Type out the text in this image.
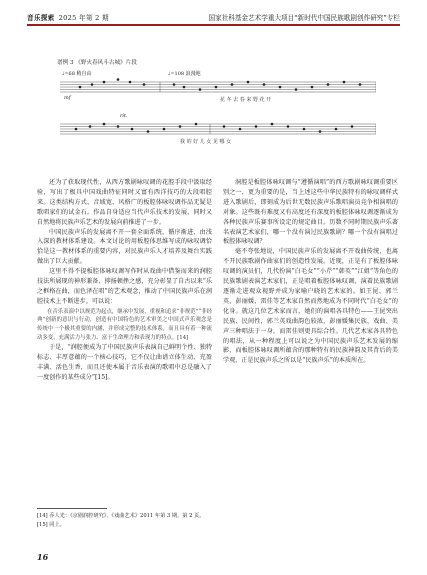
音乐探索 2025 年第 2 期	国家社科基金艺术学重大项目“新时代中国民族歌剧创作研究”专栏
谱例 3 《野火春风斗古城》片段
♩=68 稍自由	♩=108 浪漫地
mf
rit.
花 冬 去 春 来 野 花 开
我 的 好 儿 女 见 哪 女

还为了获取现代性，从西方歌剧咏叹调的花腔手段中汲取经验，写出了极具中国戏曲特征同时又富有西洋技巧的大段唱腔来。这类结构方式、音域宽、风格广的板腔体咏叹调作品无疑是歌唱家们的试金石。作品自身适应当代声乐技术的发展，同时又自然地将民族声乐艺术的发展向前推进了一步。

中国民族声乐的发展离不开一套全面系统、循序渐进、由浅入深的教材体系建设。本文讨论的用板腔体思维写成的咏叹调恰恰是这一教材体系的重要内容，对民族声乐人才培养及舞台实践做出了巨大贡献。

这里不得不提板腔体咏叹调写作时从戏曲中借鉴而来的润腔技法所展现的神形兼备、抑扬顿挫之感，充分彰显了自古以来“乐之框格在曲，而色泽在唱”的艺术观念，推动了中国民族声乐在润腔技术上不断进步。可以说：

在音乐表演中以规范为起点，继承中发展，重视和追求“非规范”“非经典”创新的意识与行动，创造有中国特色的艺术审美之中国式声乐观念是传统中一个极其重要的内涵，并形成完整的技术体系，而且具有着一种流动多变、充满活力与张力、富于生命理力和表现力的特点。[14]

于是，“润腔便成为了中国民族声乐表演自己鲜明个性、独特标志、丰厚意蕴的一个核心技巧，它不仅让曲谱立体生动、充盈丰满、活色生香，而且还使本属于音乐表演的歌唱中总是融入了一度创作的某些成分”[15]。

洞腔是板腔体咏叹调与“遵循演唱”的西方歌剧咏叹调重要区别之一，更为重要的是，当上述这些中华民族特有的咏叹调样式进入歌剧后，即刻成为后世无数民族声乐歌唱演员竞争相演唱的对象。这些既有难度又有高度还有深度的板腔体咏叹调逐渐成为各种民族声乐赛事所设定的规定曲目。历数不同时期民族声乐著名表演艺术家们，哪一个没有演过民族歌剧？哪一个没有演唱过板腔体咏叹调？

毫不夸张地说，中国民族声乐的发展离不开戏曲传统，也离不开民族歌剧作曲家们的创造性发展。近现，正是有了板腔体咏叹调的演员们，几代扮演“白毛女”“小芹”“韩英”“江姐”等角色的民族歌剧表演艺术家们，正是唱着板腔体咏叹调、演着民族歌剧逐渐走进观众视野并成为家喻户晓的艺术家的。如王昆、郭兰英、彭丽媛、雷佳等艺术家自然而然地成为不同时代“白毛女”的化身。就这几位艺术家而言，她们的演唱各具特色——王昆突出民族、民间性，郭兰英戏曲韵色较浓，彭丽媛集民族、戏曲、美声三种唱法于一身，而雷佳则更具综合性。几代艺术家各具特色的唱法，从一种程度上可以说之为中国民族声乐艺术发展的缩影，而板腔体咏叹调所蕴含的那种特有的民族神韵及其背后的美学观，正是民族声乐之所以是“民族声乐”的本质所在。

[14] 乔人光：《京剧润腔研究》，《戏曲艺术》2011 年第 3 期，第 2 页。
[15] 同上。
16
